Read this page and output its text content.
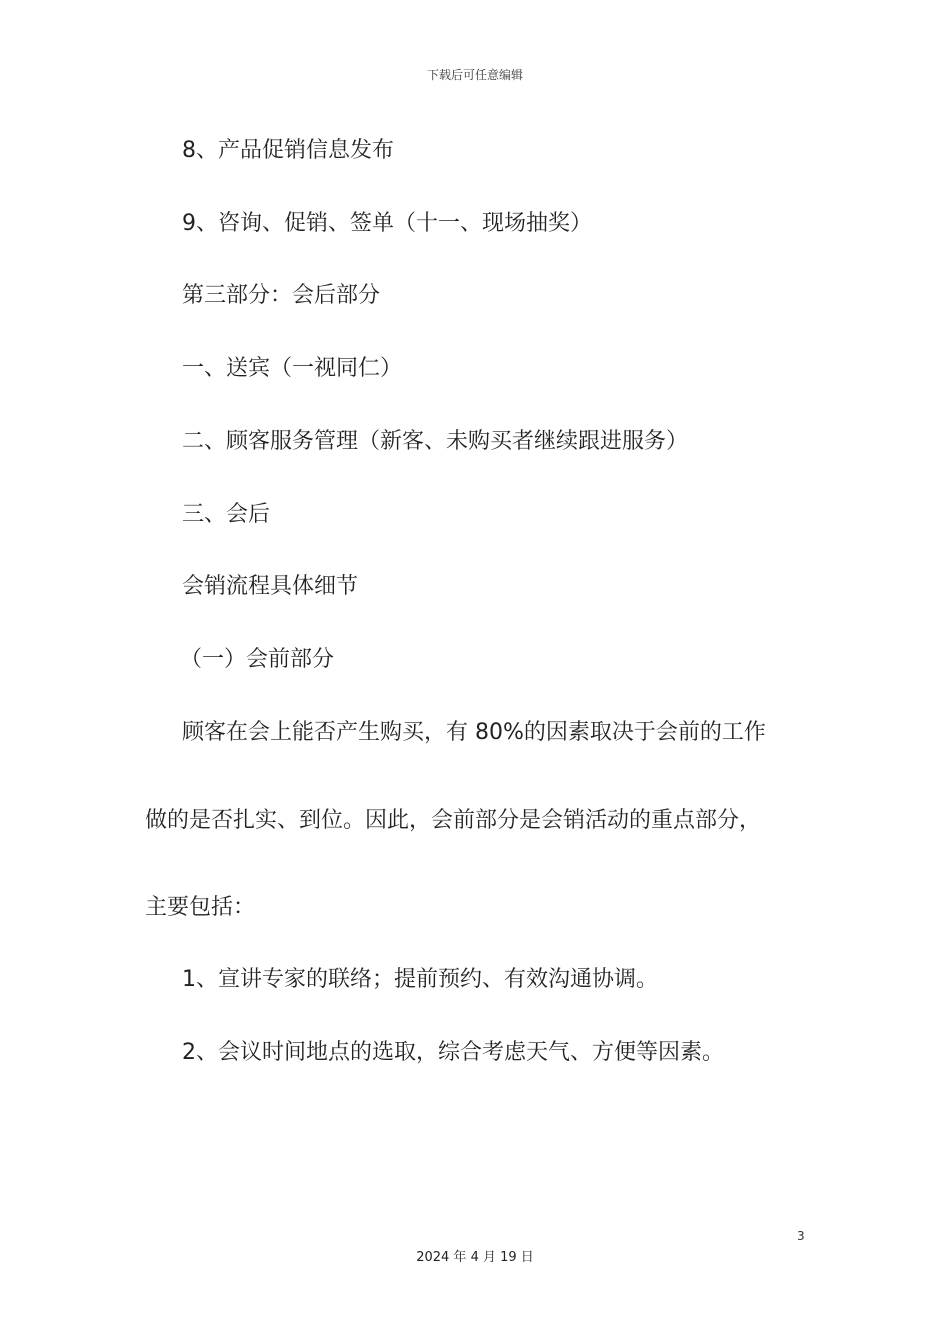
下载后可任意编辑
8、产品促销信息发布
9、咨询、促销、签单（十一、现场抽奖）
第三部分：会后部分
一、送宾（一视同仁）
二、顾客服务管理（新客、未购买者继续跟进服务）
三、会后
会销流程具体细节
（一）会前部分
顾客在会上能否产生购买，有 80%的因素取决于会前的工作
做的是否扎实、到位。因此，会前部分是会销活动的重点部分，
主要包括：
1、宣讲专家的联络；提前预约、有效沟通协调。
2、会议时间地点的选取，综合考虑天气、方便等因素。
3
2024 年 4 月 19 日
